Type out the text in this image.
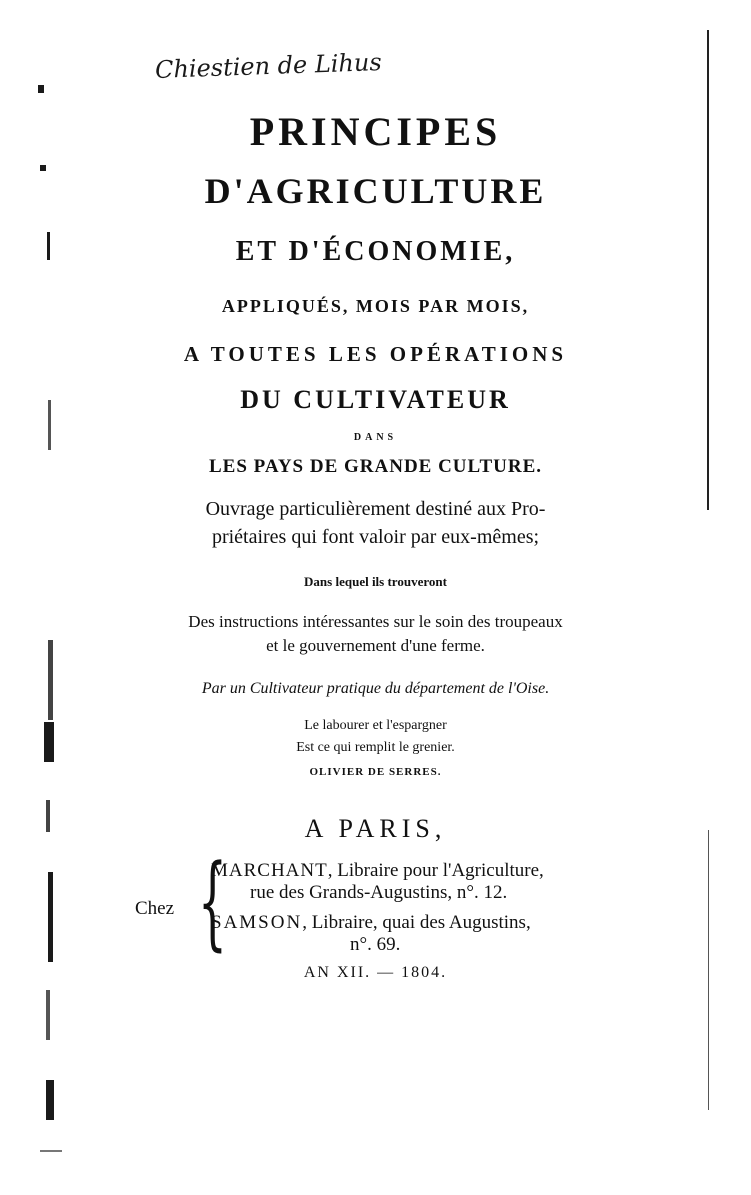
Chiestien de Lihus
PRINCIPES
D'AGRICULTURE
ET D'ÉCONOMIE,
APPLIQUÉS, MOIS PAR MOIS,
A TOUTES LES OPÉRATIONS
DU CULTIVATEUR
DANS
LES PAYS DE GRANDE CULTURE.
Ouvrage particulièrement destiné aux Pro-
priétaires qui font valoir par eux-mêmes;
Dans lequel ils trouveront
Des instructions intéressantes sur le soin des troupeaux
et le gouvernement d'une ferme.
Par un Cultivateur pratique du département de l'Oise.
Le labourer et l'espargner
Est ce qui remplit le grenier.
OLIVIER DE SERRES.
A PARIS,
Chez {
MARCHANT, Libraire pour l'Agriculture,
rue des Grands-Augustins, n°. 12.
SAMSON, Libraire, quai des Augustins,
n°. 69.
AN XII. — 1804.
